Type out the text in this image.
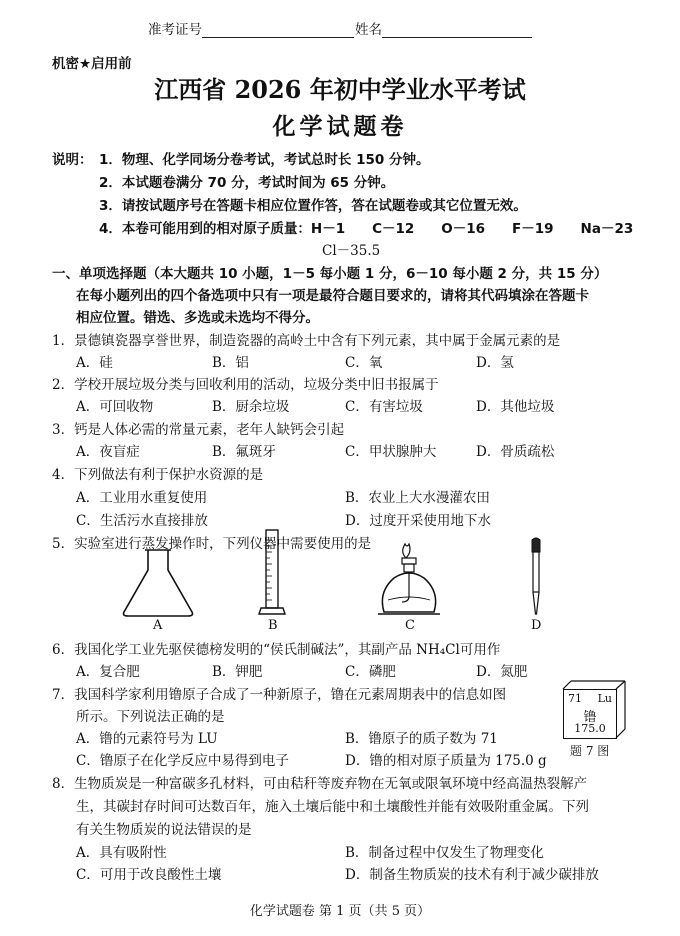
准考证号	姓名
机密★启用前
江西省 2026 年初中学业水平考试
化学试题卷
说明： 1．物理、化学同场分卷考试，考试总时长 150 分钟。
2．本试题卷满分 70 分，考试时间为 65 分钟。
3．请按试题序号在答题卡相应位置作答，答在试题卷或其它位置无效。
4．本卷可能用到的相对原子质量：H－1　　C－12　　O－16　　F－19　　Na－23
Cl－35.5
一、单项选择题（本大题共 10 小题，1－5 每小题 1 分，6－10 每小题 2 分，共 15 分）
在每小题列出的四个备选项中只有一项是最符合题目要求的，请将其代码填涂在答题卡
相应位置。错选、多选或未选均不得分。
1．景德镇瓷器享誉世界，制造瓷器的高岭土中含有下列元素，其中属于金属元素的是
A．硅	B．铝	C．氧	D．氢
2．学校开展垃圾分类与回收利用的活动，垃圾分类中旧书报属于
A．可回收物	B．厨余垃圾	C．有害垃圾	D．其他垃圾
3．钙是人体必需的常量元素，老年人缺钙会引起
A．夜盲症	B．氟斑牙	C．甲状腺肿大	D．骨质疏松
4．下列做法有利于保护水资源的是
A．工业用水重复使用	B．农业上大水漫灌农田
C．生活污水直接排放	D．过度开采使用地下水
5．实验室进行蒸发操作时，下列仪器中需要使用的是
A	B	C	D
6．我国化学工业先驱侯德榜发明的“侯氏制碱法”，其副产品 NH₄Cl可用作
A．复合肥	B．钾肥	C．磷肥	D．氮肥
7．我国科学家利用镥原子合成了一种新原子，镥在元素周期表中的信息如图
所示。下列说法正确的是
A．镥的元素符号为 LU	B．镥原子的质子数为 71
C．镥原子在化学反应中易得到电子	D．镥的相对原子质量为 175.0 g
71 Lu
镥
175.0
题 7 图
8．生物质炭是一种富碳多孔材料，可由秸秆等废弃物在无氧或限氧环境中经高温热裂解产
生，其碳封存时间可达数百年，施入土壤后能中和土壤酸性并能有效吸附重金属。下列
有关生物质炭的说法错误的是
A．具有吸附性	B．制备过程中仅发生了物理变化
C．可用于改良酸性土壤	D．制备生物质炭的技术有利于减少碳排放
化学试题卷 第 1 页（共 5 页）
